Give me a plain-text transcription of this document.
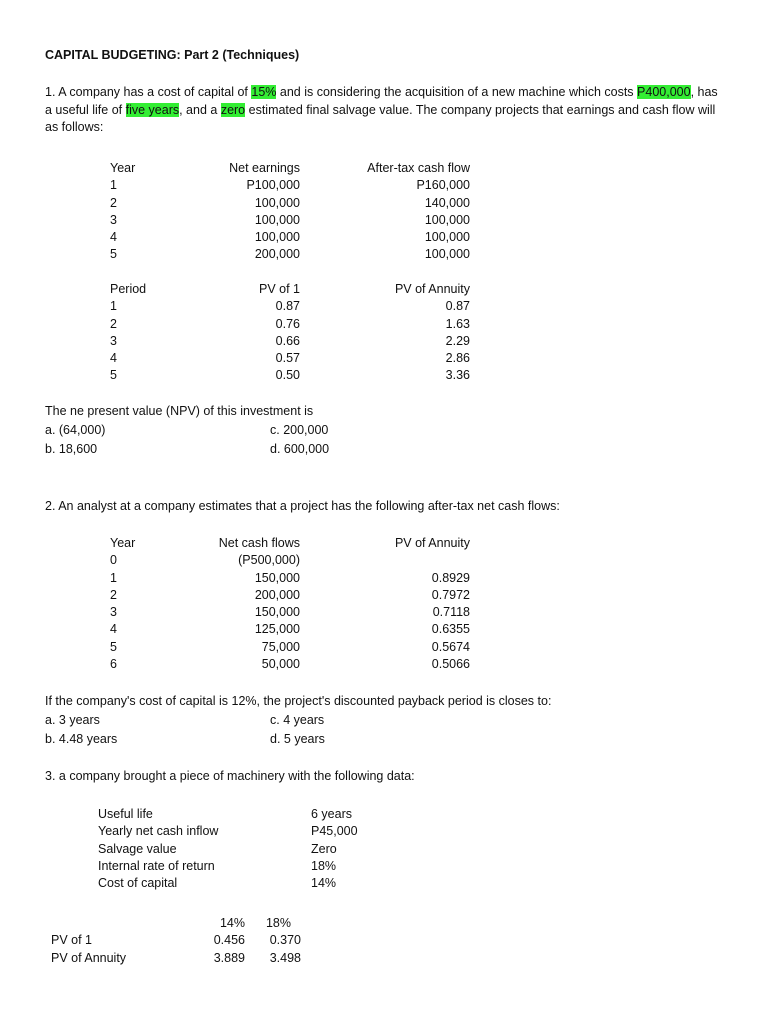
CAPITAL BUDGETING: Part 2 (Techniques)
1. A company has a cost of capital of 15% and is considering the acquisition of a new machine which costs P400,000, has a useful life of five years, and a zero estimated final salvage value. The company projects that earnings and cash flow will as follows:
Year	Net earnings	After-tax cash flow
1	P100,000	P160,000
2	100,000	140,000
3	100,000	100,000
4	100,000	100,000
5	200,000	100,000
Period	PV of 1	PV of Annuity
1	0.87	0.87
2	0.76	1.63
3	0.66	2.29
4	0.57	2.86
5	0.50	3.36
The ne present value (NPV) of this investment is
a. (64,000)	c. 200,000
b. 18,600	d. 600,000
2. An analyst at a company estimates that a project has the following after-tax net cash flows:
Year	Net cash flows	PV of Annuity
0	(P500,000)
1	150,000	0.8929
2	200,000	0.7972
3	150,000	0.7118
4	125,000	0.6355
5	75,000	0.5674
6	50,000	0.5066
If the company's cost of capital is 12%, the project's discounted payback period is closes to:
a. 3 years	c. 4 years
b. 4.48 years	d. 5 years
3. a company brought a piece of machinery with the following data:
Useful life	6 years
Yearly net cash inflow	P45,000
Salvage value	Zero
Internal rate of return	18%
Cost of capital	14%
14% 18%
PV of 1	0.456 0.370
PV of Annuity	3.889 3.498
